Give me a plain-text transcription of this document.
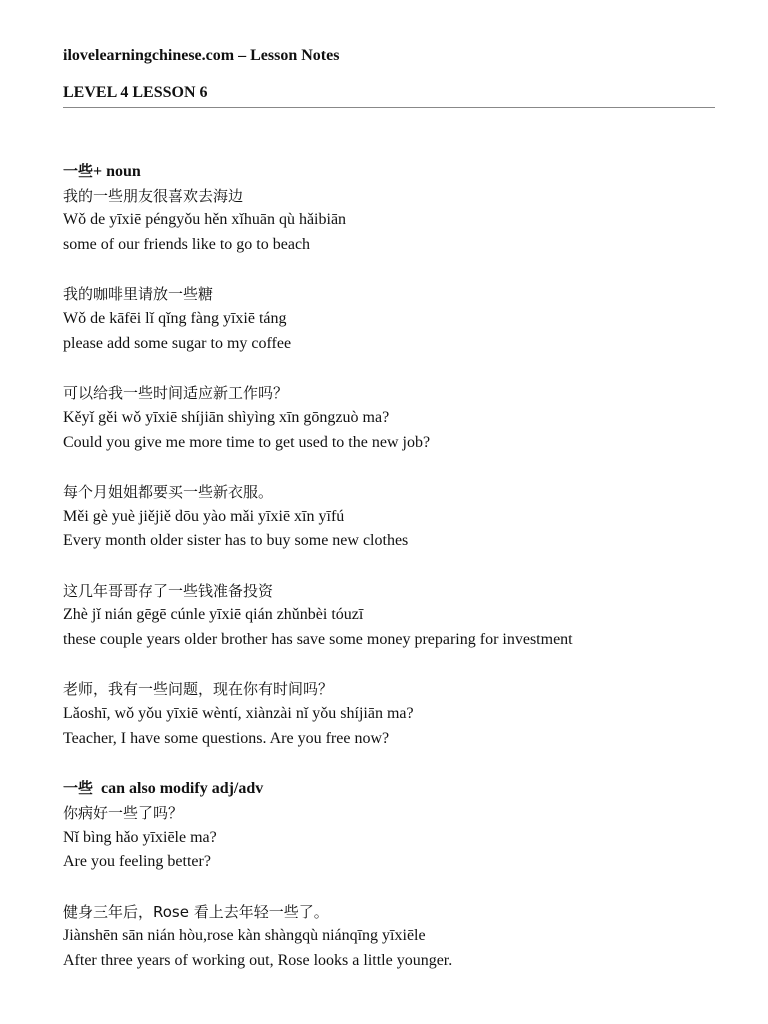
ilovelearningchinese.com – Lesson Notes
LEVEL 4 LESSON 6
一些+ noun
我的一些朋友很喜欢去海边
Wǒ de yīxiē péngyǒu hěn xǐhuān qù hǎibiān
some of our friends like to go to beach
我的咖啡里请放一些糖
Wǒ de kāfēi lǐ qǐng fàng yīxiē táng
please add some sugar to my coffee
可以给我一些时间适应新工作吗？
Kěyǐ gěi wǒ yīxiē shíjiān shìyìng xīn gōngzuò ma?
Could you give me more time to get used to the new job?
每个月姐姐都要买一些新衣服。
Měi gè yuè jiějiě dōu yào mǎi yīxiē xīn yīfú
Every month older sister has to buy some new clothes
这几年哥哥存了一些钱准备投资
Zhè jǐ nián gēgē cúnle yīxiē qián zhǔnbèi tóuzī
these couple years older brother has save some money preparing for investment
老师，我有一些问题，现在你有时间吗？
Lǎoshī, wǒ yǒu yīxiē wèntí, xiànzài nǐ yǒu shíjiān ma?
Teacher, I have some questions. Are you free now?
一些  can also modify adj/adv
你病好一些了吗？
Nǐ bìng hǎo yīxiēle ma?
Are you feeling better?
健身三年后，Rose 看上去年轻一些了。
Jiànshēn sān nián hòu,rose kàn shàngqù niánqīng yīxiēle
After three years of working out, Rose looks a little younger.
